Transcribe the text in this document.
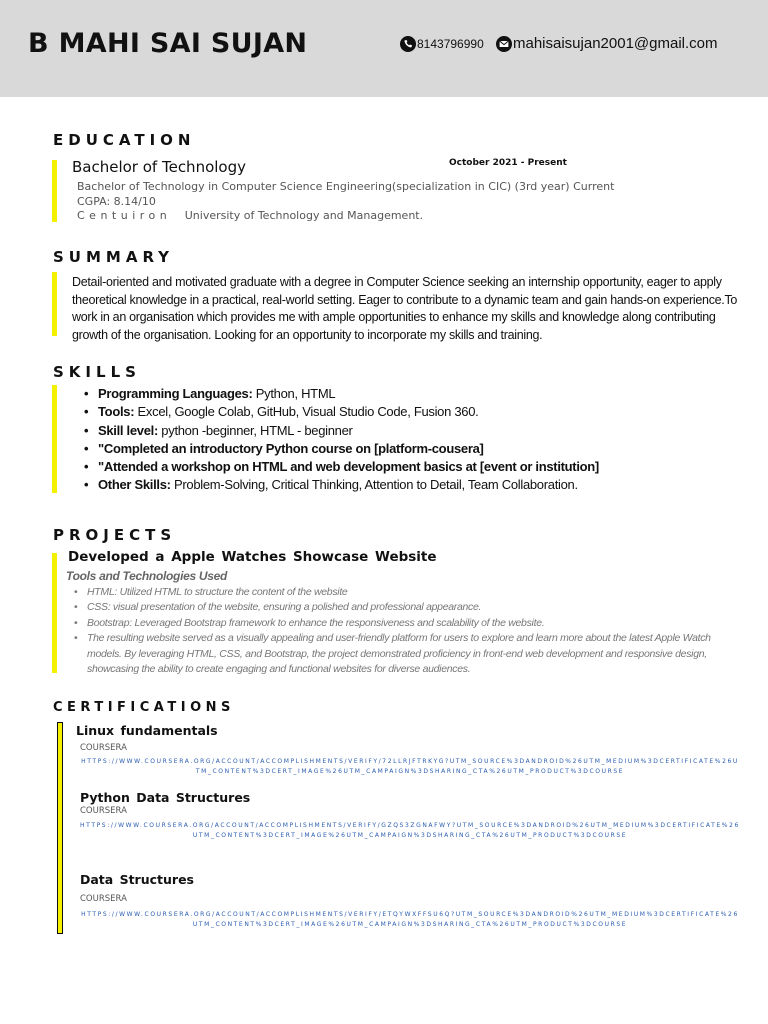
B MAHI SAI SUJAN	8143796990 mahisaisujan2001@gmail.com
EDUCATION
Bachelor of Technology	October 2021 - Present
Bachelor of Technology in Computer Science Engineering(specialization in CIC) (3rd year) Current
CGPA: 8.14/10
Centuiron University of Technology and Management.
SUMMARY
Detail-oriented and motivated graduate with a degree in Computer Science seeking an internship opportunity, eager to apply theoretical knowledge in a practical, real-world setting. Eager to contribute to a dynamic team and gain hands-on experience.To work in an organisation which provides me with ample opportunities to enhance my skills and knowledge along contributing growth of the organisation. Looking for an opportunity to incorporate my skills and training.
SKILLS
• Programming Languages: Python, HTML
• Tools: Excel, Google Colab, GitHub, Visual Studio Code, Fusion 360.
• Skill level: python -beginner, HTML - beginner
• "Completed an introductory Python course on [platform-cousera]
• "Attended a workshop on HTML and web development basics at [event or institution]
• Other Skills: Problem-Solving, Critical Thinking, Attention to Detail, Team Collaboration.
PROJECTS
Developed a Apple Watches Showcase Website
Tools and Technologies Used
• HTML: Utilized HTML to structure the content of the website
• CSS: visual presentation of the website, ensuring a polished and professional appearance.
• Bootstrap: Leveraged Bootstrap framework to enhance the responsiveness and scalability of the website.
• The resulting website served as a visually appealing and user-friendly platform for users to explore and learn more about the latest Apple Watch models. By leveraging HTML, CSS, and Bootstrap, the project demonstrated proficiency in front-end web development and responsive design, showcasing the ability to create engaging and functional websites for diverse audiences.
CERTIFICATIONS
Linux fundamentals
COURSERA
HTTPS://WWW.COURSERA.ORG/ACCOUNT/ACCOMPLISHMENTS/VERIFY/72LLRJFTRKYG?UTM_SOURCE%3DANDROID%26UTM_MEDIUM%3DCERTIFICATE%26UTM_CONTENT%3DCERT_IMAGE%26UTM_CAMPAIGN%3DSHARING_CTA%26UTM_PRODUCT%3DCOURSE
Python Data Structures
COURSERA
HTTPS://WWW.COURSERA.ORG/ACCOUNT/ACCOMPLISHMENTS/VERIFY/GZQS3ZGNAFWY?UTM_SOURCE%3DANDROID%26UTM_MEDIUM%3DCERTIFICATE%26UTM_CONTENT%3DCERT_IMAGE%26UTM_CAMPAIGN%3DSHARING_CTA%26UTM_PRODUCT%3DCOURSE
Data Structures
COURSERA
HTTPS://WWW.COURSERA.ORG/ACCOUNT/ACCOMPLISHMENTS/VERIFY/ETQYWXFFSU6Q?UTM_SOURCE%3DANDROID%26UTM_MEDIUM%3DCERTIFICATE%26UTM_CONTENT%3DCERT_IMAGE%26UTM_CAMPAIGN%3DSHARING_CTA%26UTM_PRODUCT%3DCOURSE
